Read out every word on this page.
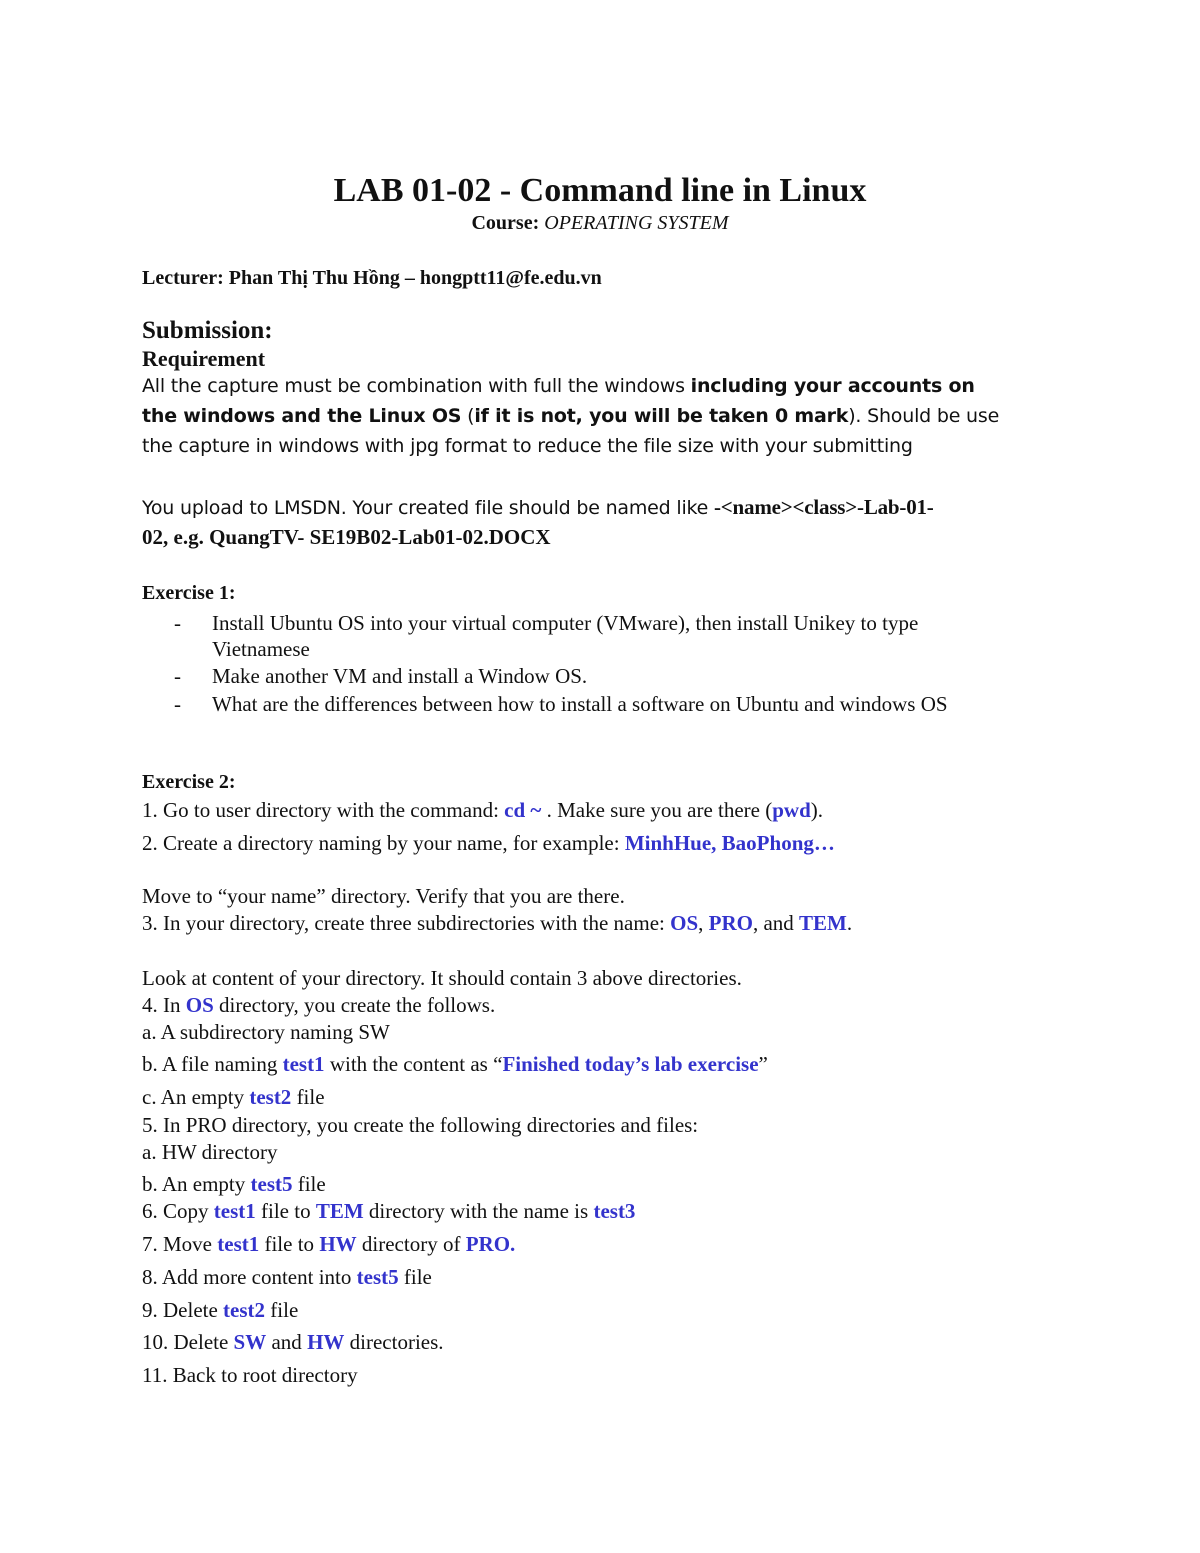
LAB 01-02 - Command line in Linux
Course: OPERATING SYSTEM
Lecturer: Phan Thị Thu Hồng – hongptt11@fe.edu.vn
Submission:
Requirement
All the capture must be combination with full the windows including your accounts on
the windows and the Linux OS (if it is not, you will be taken 0 mark). Should be use
the capture in windows with jpg format to reduce the file size with your submitting
You upload to LMSDN. Your created file should be named like -<name><class>-Lab-01-
02, e.g. QuangTV- SE19B02-Lab01-02.DOCX
Exercise 1:
- Install Ubuntu OS into your virtual computer (VMware), then install Unikey to type
Vietnamese
- Make another VM and install a Window OS.
- What are the differences between how to install a software on Ubuntu and windows OS
Exercise 2:
1. Go to user directory with the command: cd ~ . Make sure you are there (pwd).
2. Create a directory naming by your name, for example: MinhHue, BaoPhong…
Move to “your name” directory. Verify that you are there.
3. In your directory, create three subdirectories with the name: OS, PRO, and TEM.
Look at content of your directory. It should contain 3 above directories.
4. In OS directory, you create the follows.
a. A subdirectory naming SW
b. A file naming test1 with the content as “Finished today’s lab exercise”
c. An empty test2 file
5. In PRO directory, you create the following directories and files:
a. HW directory
b. An empty test5 file
6. Copy test1 file to TEM directory with the name is test3
7. Move test1 file to HW directory of PRO.
8. Add more content into test5 file
9. Delete test2 file
10. Delete SW and HW directories.
11. Back to root directory
